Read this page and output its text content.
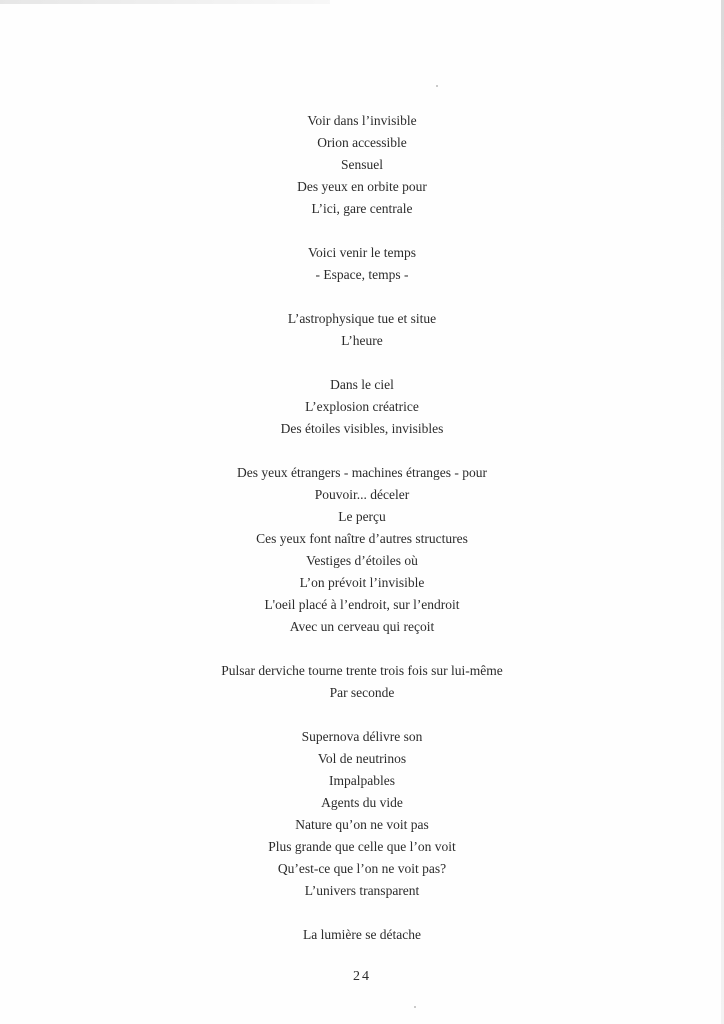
Voir dans l’invisible
Orion accessible
Sensuel
Des yeux en orbite pour
L’ici, gare centrale
Voici venir le temps
- Espace, temps -
L’astrophysique tue et situe
L’heure
Dans le ciel
L’explosion créatrice
Des étoiles visibles, invisibles
Des yeux étrangers - machines étranges - pour
Pouvoir... déceler
Le perçu
Ces yeux font naître d’autres structures
Vestiges d’étoiles où
L’on prévoit l’invisible
L'oeil placé à l’endroit, sur l’endroit
Avec un cerveau qui reçoit
Pulsar derviche tourne trente trois fois sur lui-même
Par seconde
Supernova délivre son
Vol de neutrinos
Impalpables
Agents du vide
Nature qu’on ne voit pas
Plus grande que celle que l’on voit
Qu’est-ce que l’on ne voit pas?
L’univers transparent
La lumière se détache
24
